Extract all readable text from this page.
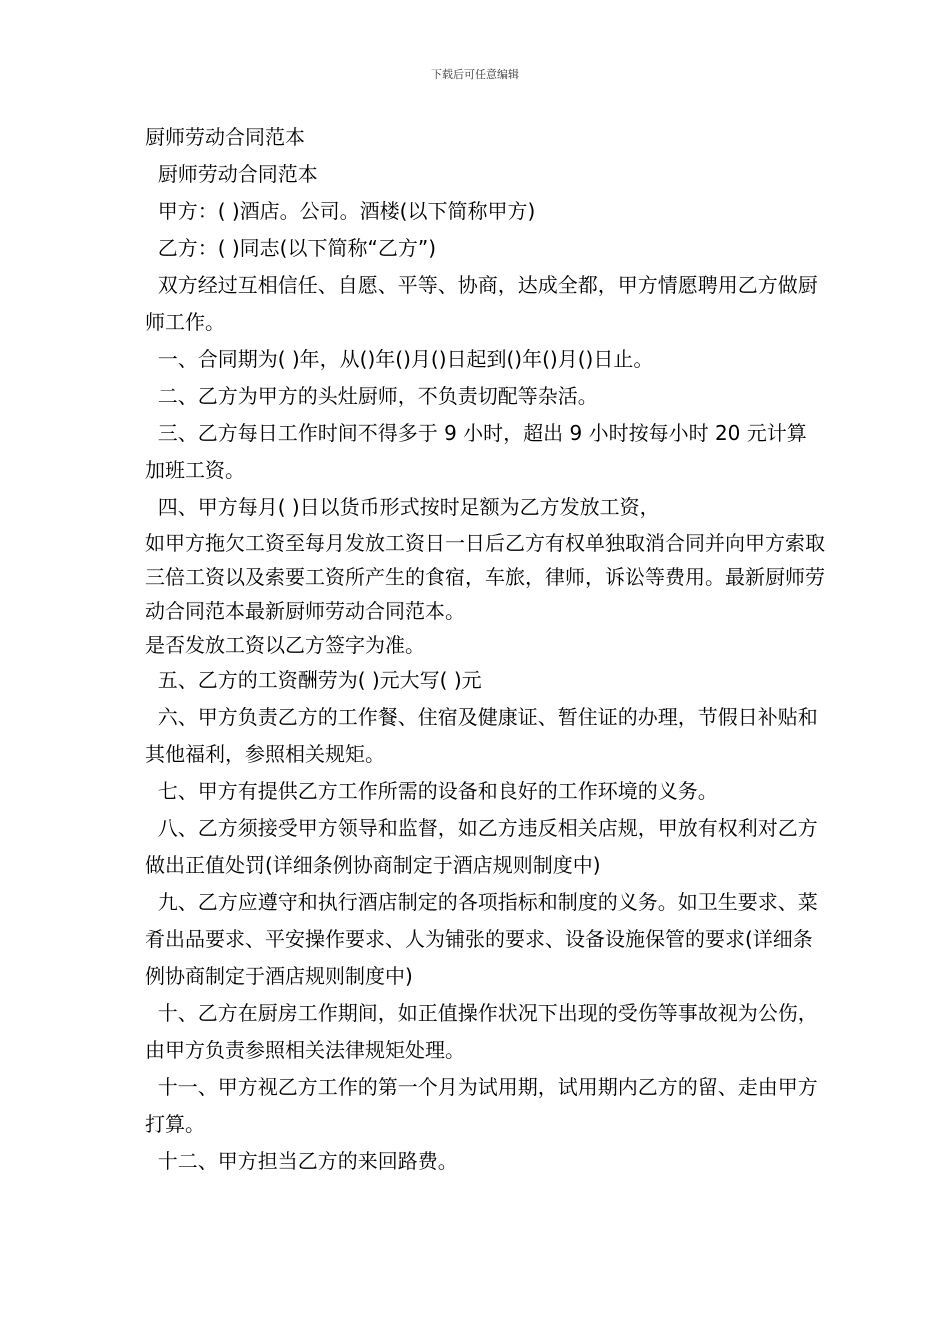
下载后可任意编辑

厨师劳动合同范本

厨师劳动合同范本

甲方：( )酒店。公司。酒楼(以下简称甲方)

乙方：( )同志(以下简称“乙方”)

双方经过互相信任、自愿、平等、协商，达成全都，甲方情愿聘用乙方做厨师工作。

一、合同期为( )年，从()年()月()日起到()年()月()日止。

二、乙方为甲方的头灶厨师，不负责切配等杂活。

三、乙方每日工作时间不得多于 9 小时，超出 9 小时按每小时 20 元计算加班工资。

四、甲方每月( )日以货币形式按时足额为乙方发放工资，

如甲方拖欠工资至每月发放工资日一日后乙方有权单独取消合同并向甲方索取三倍工资以及索要工资所产生的食宿，车旅，律师，诉讼等费用。最新厨师劳动合同范本最新厨师劳动合同范本。

是否发放工资以乙方签字为准。

五、乙方的工资酬劳为( )元大写( )元

六、甲方负责乙方的工作餐、住宿及健康证、暂住证的办理，节假日补贴和其他福利，参照相关规矩。

七、甲方有提供乙方工作所需的设备和良好的工作环境的义务。

八、乙方须接受甲方领导和监督，如乙方违反相关店规，甲放有权利对乙方做出正值处罚(详细条例协商制定于酒店规则制度中)

九、乙方应遵守和执行酒店制定的各项指标和制度的义务。如卫生要求、菜肴出品要求、平安操作要求、人为铺张的要求、设备设施保管的要求(详细条例协商制定于酒店规则制度中)

十、乙方在厨房工作期间，如正值操作状况下出现的受伤等事故视为公伤，由甲方负责参照相关法律规矩处理。

十一、甲方视乙方工作的第一个月为试用期，试用期内乙方的留、走由甲方打算。

十二、甲方担当乙方的来回路费。
